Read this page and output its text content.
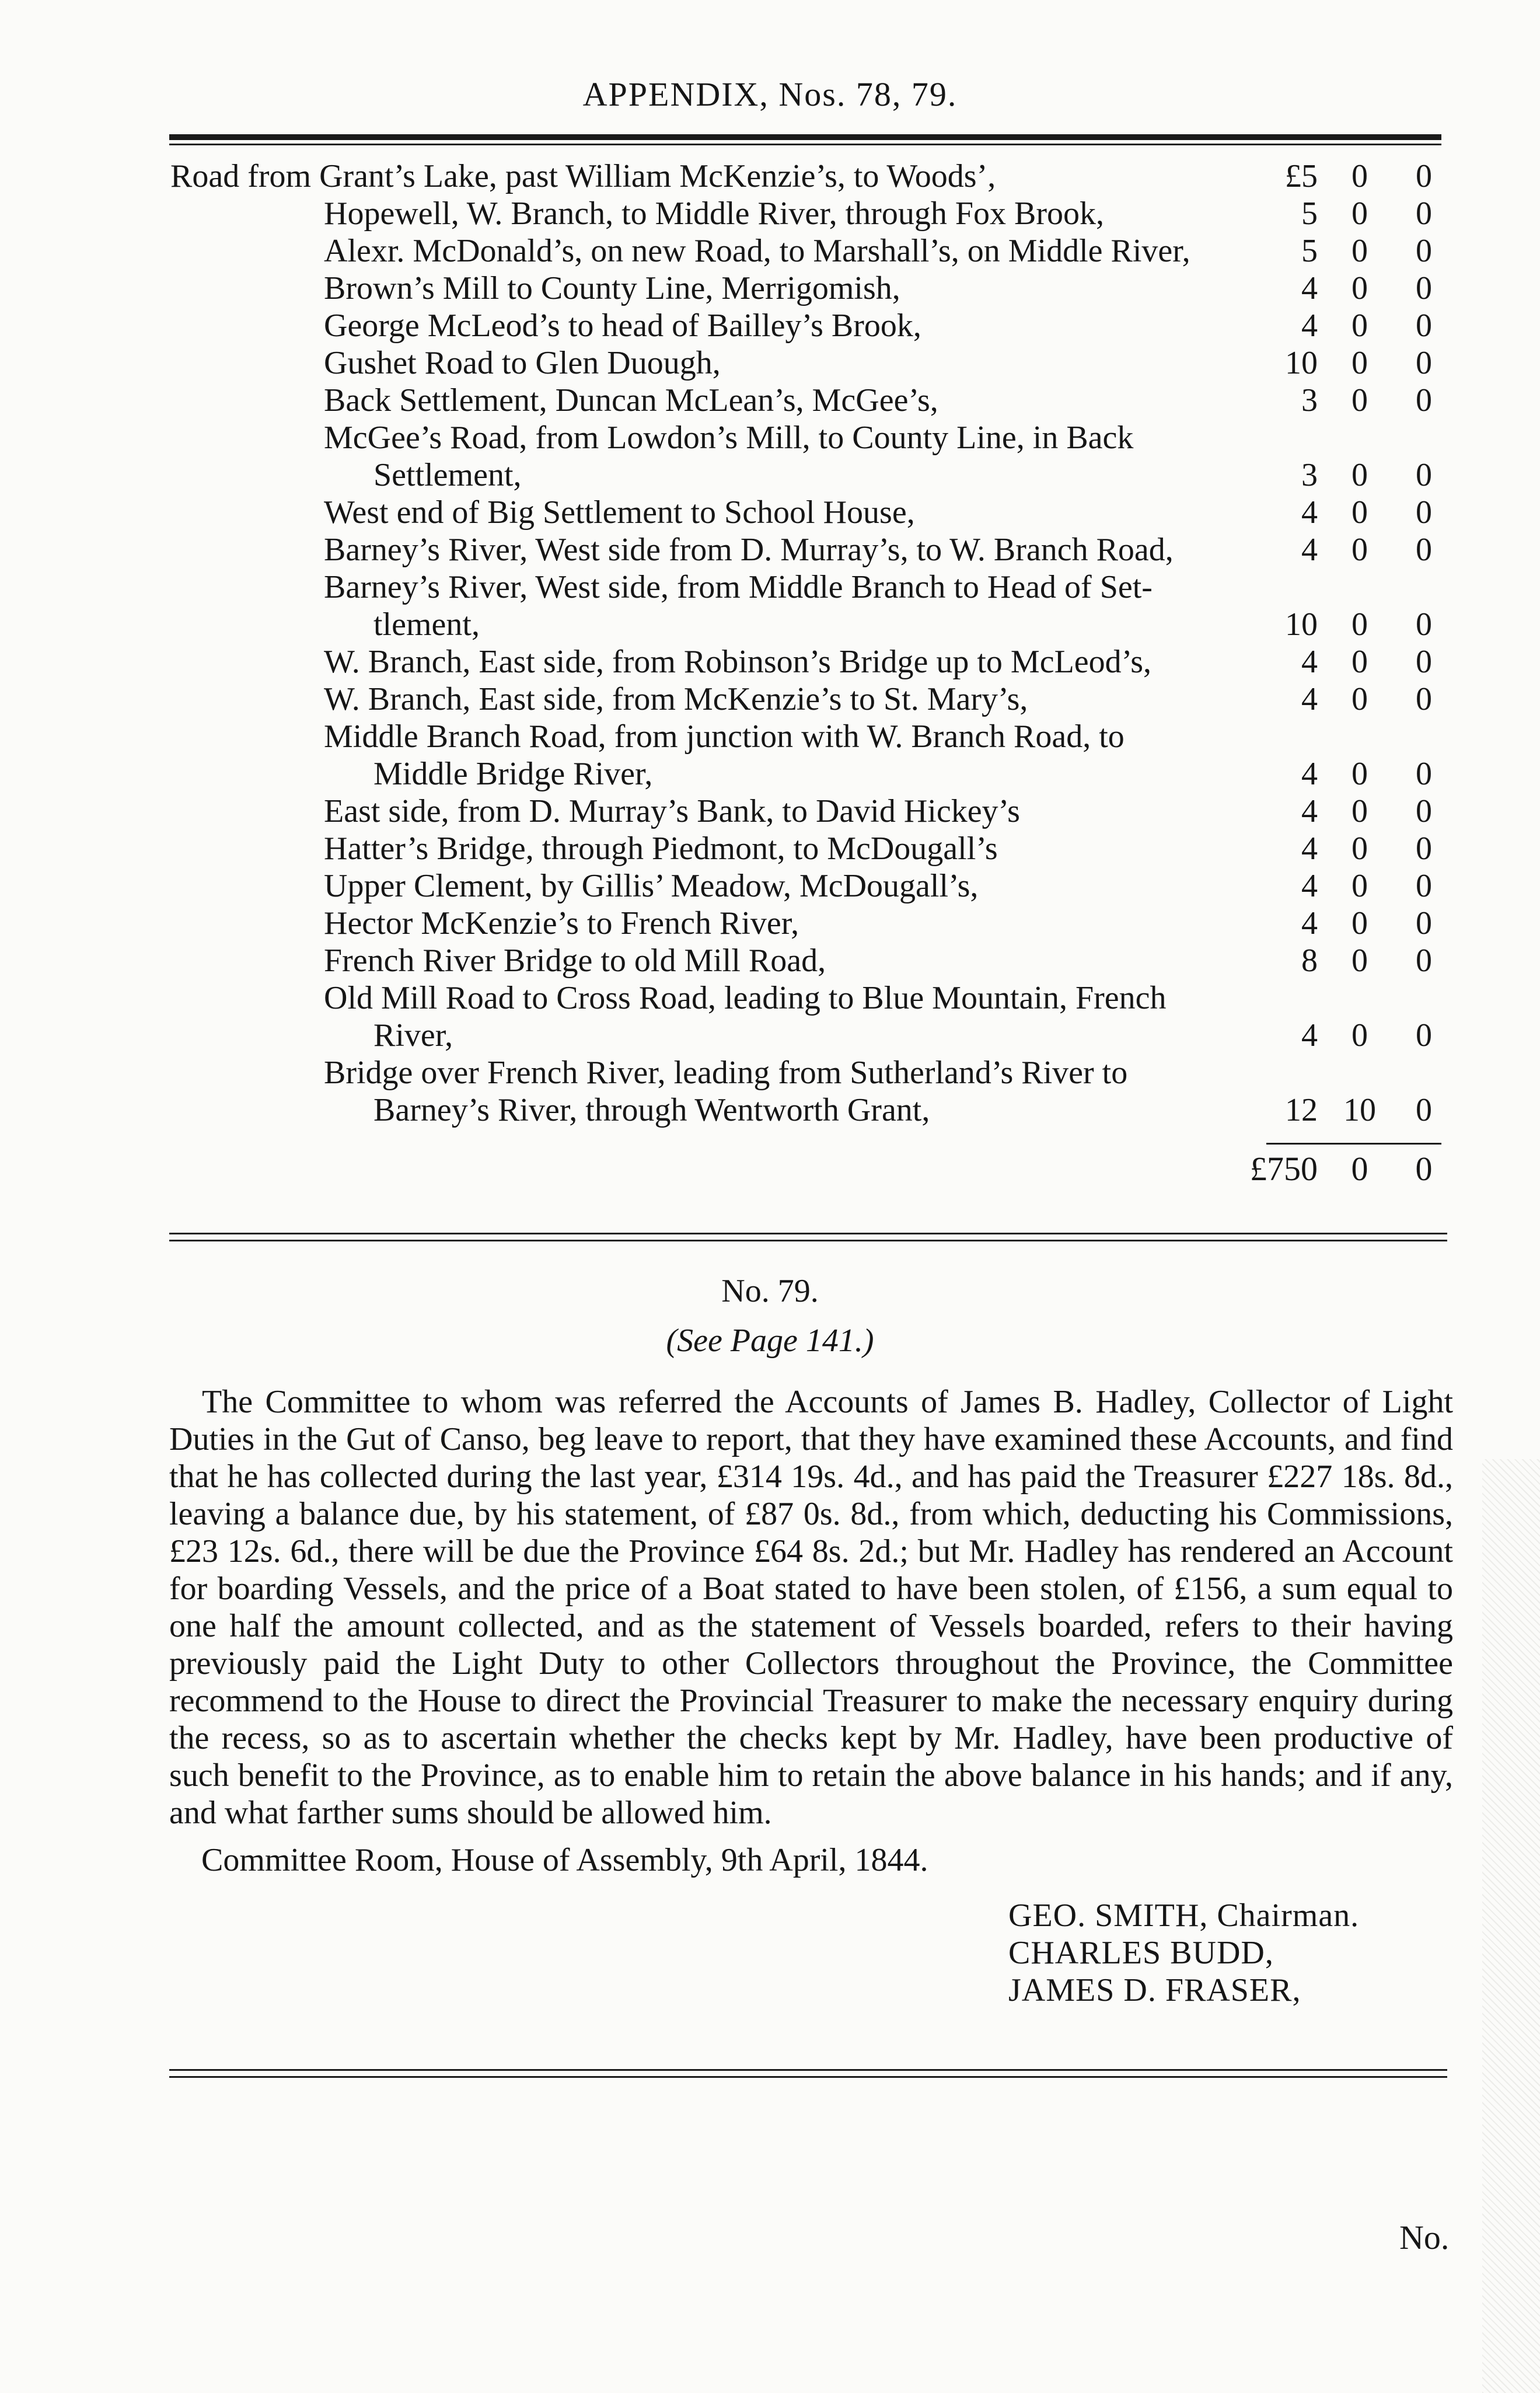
APPENDIX, Nos. 78, 79.
Road from Grant’s Lake, past William McKenzie’s, to Woods’,	£5 0 0
Hopewell, W. Branch, to Middle River, through Fox Brook,	5 0 0
Alexr. McDonald’s, on new Road, to Marshall’s, on Middle River,	5 0 0
Brown’s Mill to County Line, Merrigomish,	4 0 0
George McLeod’s to head of Bailley’s Brook,	4 0 0
Gushet Road to Glen Duough,	10 0 0
Back Settlement, Duncan McLean’s, McGee’s,	3 0 0
McGee’s Road, from Lowdon’s Mill, to County Line, in Back
Settlement,	3 0 0
West end of Big Settlement to School House,	4 0 0
Barney’s River, West side from D. Murray’s, to W. Branch Road,	4 0 0
Barney’s River, West side, from Middle Branch to Head of Set-
tlement,	10 0 0
W. Branch, East side, from Robinson’s Bridge up to McLeod’s,	4 0 0
W. Branch, East side, from McKenzie’s to St. Mary’s,	4 0 0
Middle Branch Road, from junction with W. Branch Road, to
Middle Bridge River,	4 0 0
East side, from D. Murray’s Bank, to David Hickey’s	4 0 0
Hatter’s Bridge, through Piedmont, to McDougall’s	4 0 0
Upper Clement, by Gillis’ Meadow, McDougall’s,	4 0 0
Hector McKenzie’s to French River,	4 0 0
French River Bridge to old Mill Road,	8 0 0
Old Mill Road to Cross Road, leading to Blue Mountain, French
River,	4 0 0
Bridge over French River, leading from Sutherland’s River to
Barney’s River, through Wentworth Grant,	12 10 0
£750 0 0
No. 79.
(See Page 141.)
The Committee to whom was referred the Accounts of James B. Hadley, Collector of Light Duties in the Gut of Canso, beg leave to report, that they have examined these Accounts, and find that he has collected during the last year, £314 19s. 4d., and has paid the Treasurer £227 18s. 8d., leaving a balance due, by his statement, of £87 0s. 8d., from which, deducting his Commissions, £23 12s. 6d., there will be due the Province £64 8s. 2d.; but Mr. Hadley has rendered an Account for boarding Vessels, and the price of a Boat stated to have been stolen, of £156, a sum equal to one half the amount collected, and as the statement of Vessels boarded, refers to their having previously paid the Light Duty to other Collectors throughout the Province, the Committee recommend to the House to direct the Provincial Treasurer to make the necessary enquiry during the recess, so as to ascertain whether the checks kept by Mr. Hadley, have been productive of such benefit to the Province, as to enable him to retain the above balance in his hands; and if any, and what farther sums should be allowed him.
Committee Room, House of Assembly, 9th April, 1844.
GEO. SMITH, Chairman.
CHARLES BUDD,
JAMES D. FRASER,
No.
